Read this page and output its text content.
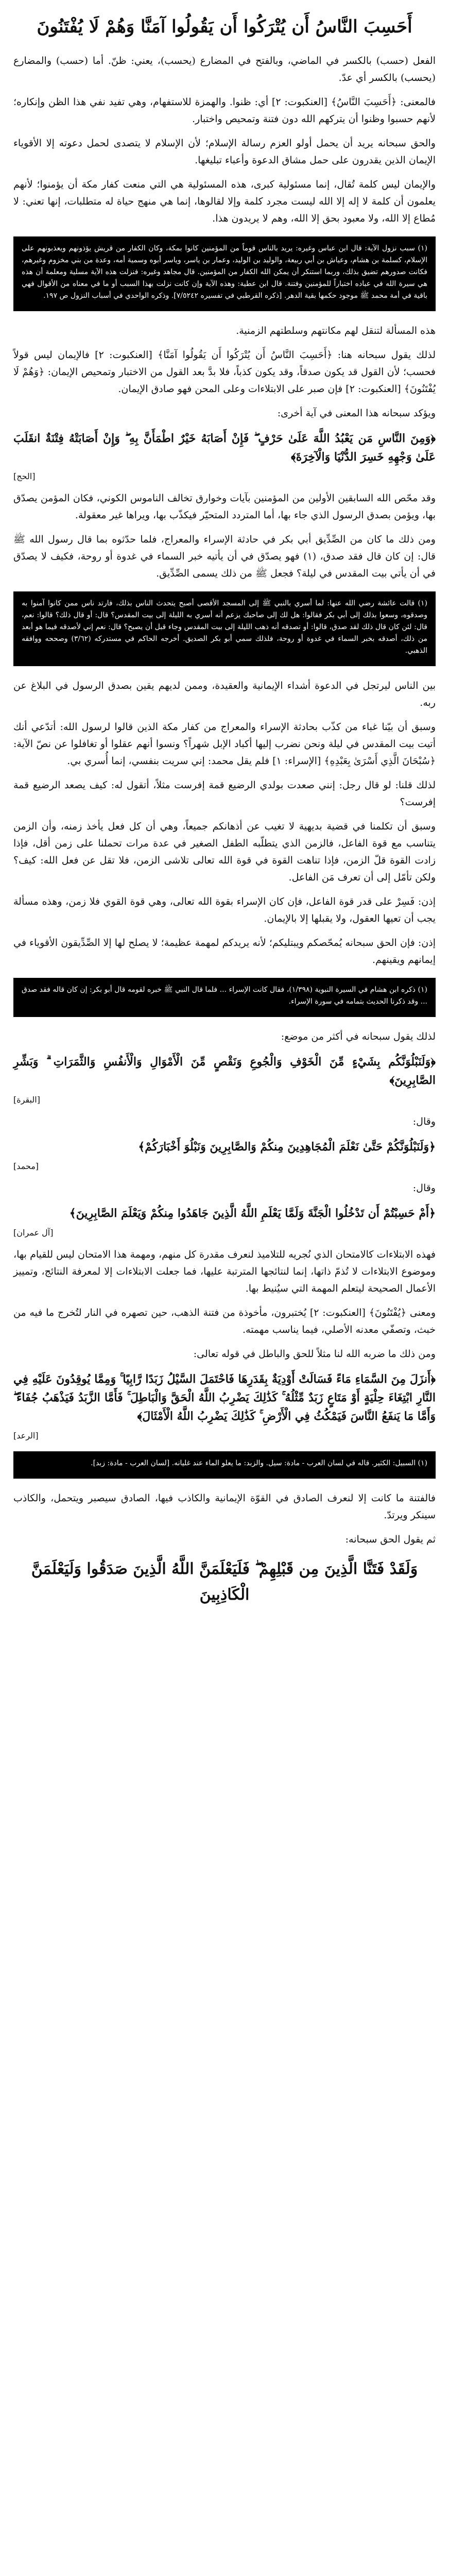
أَحَسِبَ النَّاسُ أَن يُتْرَكُوا أَن يَقُولُوا آمَنَّا وَهُمْ لَا يُفْتَنُونَ

الفعل (حسب) بالكسر في الماضي، وبالفتح في المضارع (يحسب)، يعني: ظنّ. أما (حسب) والمضارع (يحسب) بالكسر أي عدّ.

فالمعنى: ﴿أَحَسِبَ النَّاسُ﴾ [العنكبوت: ٢] أي: ظنوا. والهمزة للاستفهام، وهي تفيد نفي هذا الظن وإنكاره؛ لأنهم حسبوا وظنوا أن يتركهم الله دون فتنة وتمحيص واختبار.

والحق سبحانه يريد أن يحمل أولو العزم رسالة الإسلام؛ لأن الإسلام لا يتصدى لحمل دعوته إلا الأقوياء الإيمان الذين يقدرون على حمل مشاق الدعوة وأعباء تبليغها.

والإيمان ليس كلمة تُقال، إنما مسئولية كبرى، هذه المسئولية هي التي منعت كفار مكة أن يؤمنوا؛ لأنهم يعلمون أن كلمة لا إله إلا الله ليست مجرد كلمة وإلا لقالوها، إنما هي منهج حياة له متطلبات، إنها تعني: لا مُطاع إلا الله، ولا معبود بحق إلا الله، وهم لا يريدون هذا.

(١) سبب نزول الآية: قال ابن عباس وغيره: يريد بالناس قوماً من المؤمنين كانوا بمكة، وكان الكفار من قريش يؤذونهم ويعذبونهم على الإسلام، كسلمة بن هشام، وعياش بن أبي ربيعة، والوليد بن الوليد، وعمار بن ياسر، وياسر أبوه وسمية أمه، وعدة من بني مخزوم وغيرهم، فكانت صدورهم تضيق بذلك، وربما استنكر أن يمكن الله الكفار من المؤمنين. قال مجاهد وغيره: فنزلت هذه الآية مسلية ومعلمة أن هذه هي سيرة الله في عباده اختباراً للمؤمنين وفتنة. قال ابن عطية: وهذه الآية وإن كانت نزلت بهذا السبب أو ما في معناه من الأقوال فهي باقية في أمة محمد ﷺ موجود حكمها بقية الدهر. [ذكره القرطبي في تفسيره ٧/٥٢٤٢]. وذكره الواحدي في أسباب النزول ص ١٩٧.

هذه المسألة لتنقل لهم مكانتهم وسلطتهم الزمنية.

لذلك يقول سبحانه هنا: ﴿أَحَسِبَ النَّاسُ أَن يُتْرَكُوا أَن يَقُولُوا آمَنَّا﴾ [العنكبوت: ٢] فالإيمان ليس قولاً فحسب؛ لأن القول قد يكون صدقاً، وقد يكون كذباً، فلا بدَّ بعد القول من الاختبار وتمحيص الإيمان: ﴿وَهُمْ لَا يُفْتَنُونَ﴾ [العنكبوت: ٢] فإن صبر على الابتلاءات وعلى المحن فهو صادق الإيمان.

ويؤكد سبحانه هذا المعنى في آية أخرى:

﴿وَمِنَ النَّاسِ مَن يَعْبُدُ اللَّهَ عَلَىٰ حَرْفٍ ۖ فَإِنْ أَصَابَهُ خَيْرٌ اطْمَأَنَّ بِهِ ۖ وَإِنْ أَصَابَتْهُ فِتْنَةٌ انقَلَبَ عَلَىٰ وَجْهِهِ خَسِرَ الدُّنْيَا وَالْآخِرَةَ﴾

[الحج]

وقد محّص الله السابقين الأولين من المؤمنين بآيات وخوارق تخالف الناموس الكوني، فكان المؤمن يصدّق بها، ويؤمن بصدق الرسول الذي جاء بها، أما المتردد المتحيّر فيكذّب بها، ويراها غير معقولة.

ومن ذلك ما كان من الصِّدِّيق أبي بكر في حادثة الإسراء والمعراج، فلما حدّثوه بما قال رسول الله ﷺ قال: إن كان قال فقد صدق، (١) فهو يصدّق في أن يأتيه خبر السماء في غدوة أو روحة، فكيف لا يصدّق في أن يأتي بيت المقدس في ليلة؟ فجعل ﷺ من ذلك يسمى الصِّدِّيق.

(١) قالت عائشة رضي الله عنها: لما أسري بالنبي ﷺ إلى المسجد الأقصى أصبح يتحدث الناس بذلك، فارتد ناس ممن كانوا آمنوا به وصدقوه، وسعوا بذلك إلى أبي بكر فقالوا: هل لك إلى صاحبك يزعم أنه أسري به الليلة إلى بيت المقدس؟ قال: أو قال ذلك؟ قالوا: نعم، قال: لئن كان قال ذلك لقد صدق، قالوا: أو تصدقه أنه ذهب الليلة إلى بيت المقدس وجاء قبل أن يصبح؟ قال: نعم إني لأصدقه فيما هو أبعد من ذلك، أصدقه بخبر السماء في غدوة أو روحة، فلذلك سمي أبو بكر الصديق. أخرجه الحاكم في مستدركه (٣/٦٢) وصححه ووافقه الذهبي.

بين الناس ليرتجل في الدعوة أشداء الإيمانية والعقيدة، وممن لديهم يقين بصدق الرسول في البلاغ عن ربه.

وسبق أن بيّنا غباء من كذّب بحادثة الإسراء والمعراج من كفار مكة الذين قالوا لرسول الله: أتدّعي أنك أتيت بيت المقدس في ليلة ونحن نضرب إليها أكباد الإبل شهراً؟ ونسوا أنهم عقلوا أو تغافلوا عن نصّ الآية: ﴿سُبْحَانَ الَّذِي أَسْرَىٰ بِعَبْدِهِ﴾ [الإسراء: ١] فلم يقل محمد: إني سريت بنفسي، إنما أُسري بي.

لذلك قلنا: لو قال رجل: إنني صعدت بولدي الرضيع قمة إفرست مثلاً، أتقول له: كيف يصعد الرضيع قمة إفرست؟

وسبق أن تكلمنا في قضية بديهية لا تغيب عن أذهانكم جميعاً، وهي أن كل فعل يأخذ زمنه، وأن الزمن يتناسب مع قوة الفاعل، فالزمن الذي يتطلّبه الطفل الصغير في عدة مرات تحملنا على زمن أقل، فإذا زادت القوة قلّ الزمن، فإذا تناهت القوة في قوة الله تعالى تلاشى الزمن، فلا تقل عن فعل الله: كيف؟ ولكن تأمّل إلى أن تعرف مَن الفاعل.

إذن: فَسِرْ على قدر قوة الفاعل، فإن كان الإسراء بقوة الله تعالى، وهي قوة القوي فلا زمن، وهذه مسألة يجب أن تعيها العقول، ولا يقبلها إلا بالإيمان.

إذن: فإن الحق سبحانه يُمحّصكم ويبتليكم؛ لأنه يريدكم لمهمة عظيمة؛ لا يصلح لها إلا الصِّدِّيقون الأقوياء في إيمانهم ويقينهم.

(١) ذكره ابن هشام في السيرة النبوية (١/٣٩٨)، فقال كانت الإسراء ... فلما قال النبي ﷺ خبره لقومه قال أبو بكر: إن كان قاله فقد صدق ... وقد ذكرنا الحديث بتمامه في سورة الإسراء.

لذلك يقول سبحانه في أكثر من موضع:

﴿وَلَنَبْلُوَنَّكُم بِشَيْءٍ مِّنَ الْخَوْفِ وَالْجُوعِ وَنَقْصٍ مِّنَ الْأَمْوَالِ وَالْأَنفُسِ وَالثَّمَرَاتِ ۗ وَبَشِّرِ الصَّابِرِينَ﴾

[البقرة]

وقال:

﴿وَلَنَبْلُوَنَّكُمْ حَتَّىٰ نَعْلَمَ الْمُجَاهِدِينَ مِنكُمْ وَالصَّابِرِينَ وَنَبْلُوَ أَخْبَارَكُمْ﴾

[محمد]

وقال:

﴿أَمْ حَسِبْتُمْ أَن تَدْخُلُوا الْجَنَّةَ وَلَمَّا يَعْلَمِ اللَّهُ الَّذِينَ جَاهَدُوا مِنكُمْ وَيَعْلَمَ الصَّابِرِينَ﴾

[آل عمران]

فهذه الابتلاءات كالامتحان الذي نُجريه للتلاميذ لنعرف مقدرة كل منهم، ومهمة هذا الامتحان ليس للقيام بها، وموضوع الابتلاءات لا تُذمّ ذاتها، إنما لنتائجها المترتبة عليها، فما جعلت الابتلاءات إلا لمعرفة النتائج، وتمييز الأعمال الصحيحة ليتعلم المهمة التي سيُنيط بها.

ومعنى ﴿يُفْتَنُونَ﴾ [العنكبوت: ٢] يُختبرون، مأخوذة من فتنة الذهب، حين تصهره في النار لتُخرج ما فيه من خبث، وتصفّي معدنه الأصلي، فيما يناسب مهمته.

ومن ذلك ما ضربه الله لنا مثلاً للحق والباطل في قوله تعالى:

﴿أَنزَلَ مِنَ السَّمَاءِ مَاءً فَسَالَتْ أَوْدِيَةٌ بِقَدَرِهَا فَاحْتَمَلَ السَّيْلُ زَبَدًا رَّابِيًا ۚ وَمِمَّا يُوقِدُونَ عَلَيْهِ فِي النَّارِ ابْتِغَاءَ حِلْيَةٍ أَوْ مَتَاعٍ زَبَدٌ مِّثْلُهُ ۚ كَذَٰلِكَ يَضْرِبُ اللَّهُ الْحَقَّ وَالْبَاطِلَ ۚ فَأَمَّا الزَّبَدُ فَيَذْهَبُ جُفَاءً ۖ وَأَمَّا مَا يَنفَعُ النَّاسَ فَيَمْكُثُ فِي الْأَرْضِ ۚ كَذَٰلِكَ يَضْرِبُ اللَّهُ الْأَمْثَالَ﴾

[الرعد]

(١) السبيل: الكثير. قاله في لسان العرب - مادة: سيل. والزبد: ما يعلو الماء عند غليانه. [لسان العرب - مادة: زبد].

فالفتنة ما كانت إلا لنعرف الصادق في القوّة الإيمانية والكاذب فيها، الصادق سيصبر ويتحمل، والكاذب سينكر ويرتدّ.

ثم يقول الحق سبحانه:

وَلَقَدْ فَتَنَّا الَّذِينَ مِن قَبْلِهِمْ ۖ فَلَيَعْلَمَنَّ اللَّهُ الَّذِينَ صَدَقُوا وَلَيَعْلَمَنَّ الْكَاذِبِينَ
